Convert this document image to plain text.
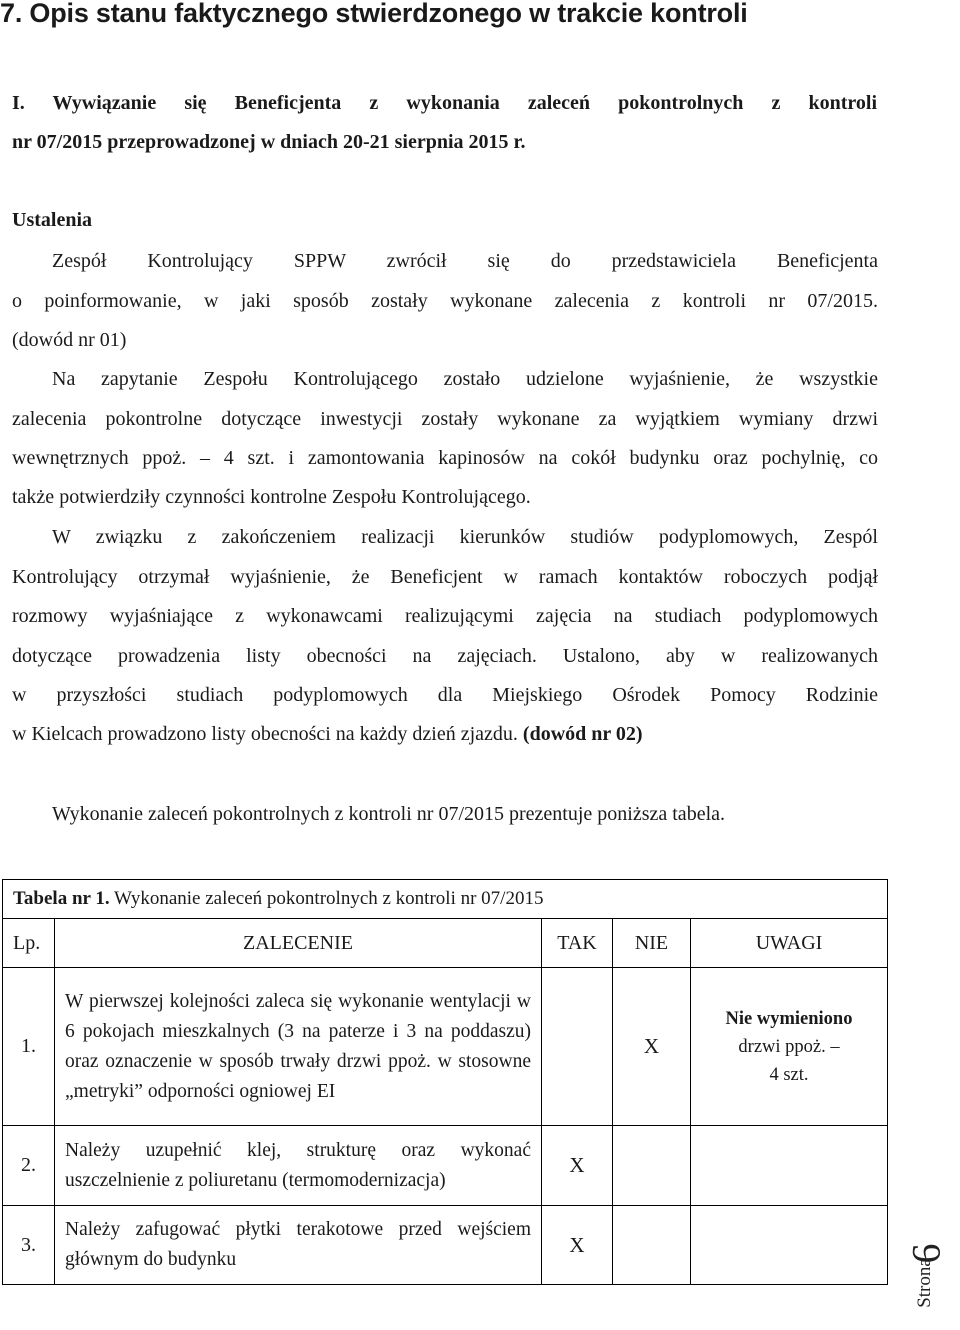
7. Opis stanu faktycznego stwierdzonego w trakcie kontroli
I. Wywiązanie się Beneficjenta z wykonania zaleceń pokontrolnych z kontroli
nr 07/2015 przeprowadzonej w dniach 20-21 sierpnia 2015 r.
Ustalenia
Zespół Kontrolujący SPPW zwrócił się do przedstawiciela Beneficjenta
o poinformowanie, w jaki sposób zostały wykonane zalecenia z kontroli nr 07/2015.
(dowód nr 01)
Na zapytanie Zespołu Kontrolującego zostało udzielone wyjaśnienie, że wszystkie
zalecenia pokontrolne dotyczące inwestycji zostały wykonane za wyjątkiem wymiany drzwi
wewnętrznych ppoż. – 4 szt. i zamontowania kapinosów na cokół budynku oraz pochylnię, co
także potwierdziły czynności kontrolne Zespołu Kontrolującego.
W związku z zakończeniem realizacji kierunków studiów podyplomowych, Zespól
Kontrolujący otrzymał wyjaśnienie, że Beneficjent w ramach kontaktów roboczych podjął
rozmowy wyjaśniające z wykonawcami realizującymi zajęcia na studiach podyplomowych
dotyczące prowadzenia listy obecności na zajęciach. Ustalono, aby w realizowanych
w przyszłości studiach podyplomowych dla Miejskiego Ośrodek Pomocy Rodzinie
w Kielcach prowadzono listy obecności na każdy dzień zjazdu. (dowód nr 02)
Wykonanie zaleceń pokontrolnych z kontroli nr 07/2015 prezentuje poniższa tabela.
Tabela nr 1. Wykonanie zaleceń pokontrolnych z kontroli nr 07/2015				
Lp.	ZALECENIE	TAK	NIE	UWAGI
1.	W pierwszej kolejności zaleca się wykonanie wentylacji w 6 pokojach mieszkalnych (3 na paterze i 3 na poddaszu) oraz oznaczenie w sposób trwały drzwi ppoż. w stosowne „metryki” odporności ogniowej EI		X	Nie wymieniono
drzwi ppoż. –
4 szt.

2.	Należy uzupełnić klej, strukturę oraz wykonać uszczelnienie z poliuretanu (termomodernizacja)	X		
3.	Należy zafugować płytki terakotowe przed wejściem głównym do budynku	X		
Strona
6
